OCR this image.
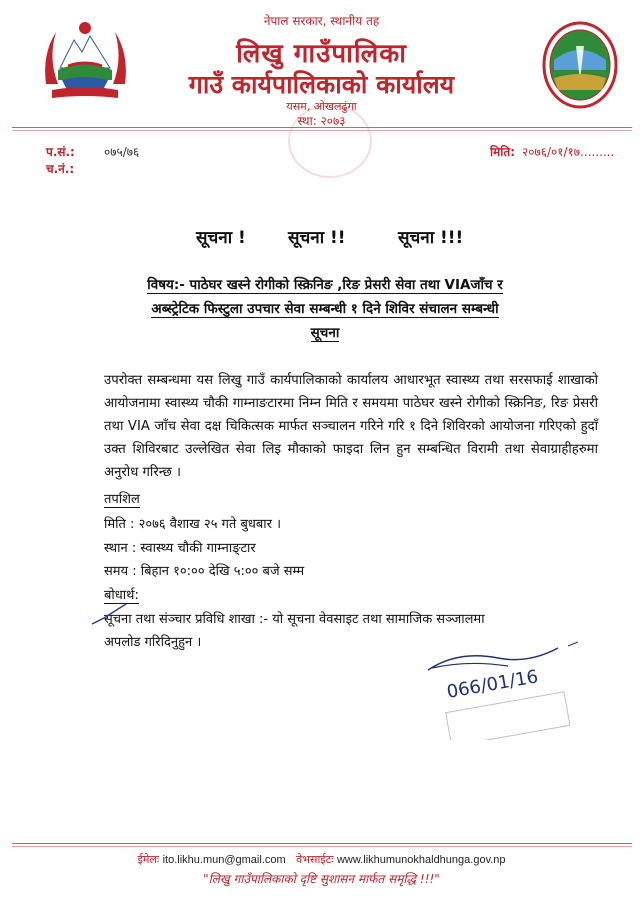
नेपाल सरकार, स्थानीय तह
लिखु गाउँपालिका
गाउँ कार्यपालिकाको कार्यालय
यसम, ओखलढुंगा
स्था: २०७३
प.सं.: ०७५/७६
च.नं.:
मिति: २०७६/०१/१७.........
सूचना ! सूचना !!	सूचना !!!
विषय:- पाठेघर खस्ने रोगीको स्क्रिनिङ ,रिङ प्रेसरी सेवा तथा VIAजाँच र
अब्स्ट्रेटिक फिस्टुला उपचार सेवा सम्बन्धी १ दिने शिविर संचालन सम्बन्धी
सूचना
उपरोक्त सम्बन्धमा यस लिखु गाउँ कार्यपालिकाको कार्यालय आधारभूत स्वास्थ्य तथा सरसफाई शाखाको आयोजनामा स्वास्थ्य चौकी गाम्नाङटारमा निम्न मिति र समयमा पाठेघर खस्ने रोगीको स्क्रिनिङ, रिङ प्रेसरी तथा VIA जाँच सेवा दक्ष चिकित्सक मार्फत सञ्चालन गरिने गरि १ दिने शिविरको आयोजना गरिएको हुदाँ उक्त शिविरबाट उल्लेखित सेवा लिइ मौकाको फाइदा लिन हुन सम्बन्धित विरामी तथा सेवाग्राहीहरुमा अनुरोध गरिन्छ ।
तपशिल
मिति : २०७६ वैशाख २५ गते बुधबार ।
स्थान : स्वास्थ्य चौकी गाम्नाङ्टार
समय : बिहान १०:०० देखि ५:०० बजे सम्म
बोधार्थ:
सूचना तथा संञ्चार प्रविधि शाखा :- यो सूचना वेवसाइट तथा सामाजिक सञ्जालमा
अपलोड गरिदिनुहुन ।
066/01/16
ईमेलः ito.likhu.mun@gmail.com वेभसाईटः www.likhumunokhaldhunga.gov.np
"लिखु गाउँपालिकाको दृष्टि सुशासन मार्फत समृद्धि !!!"
